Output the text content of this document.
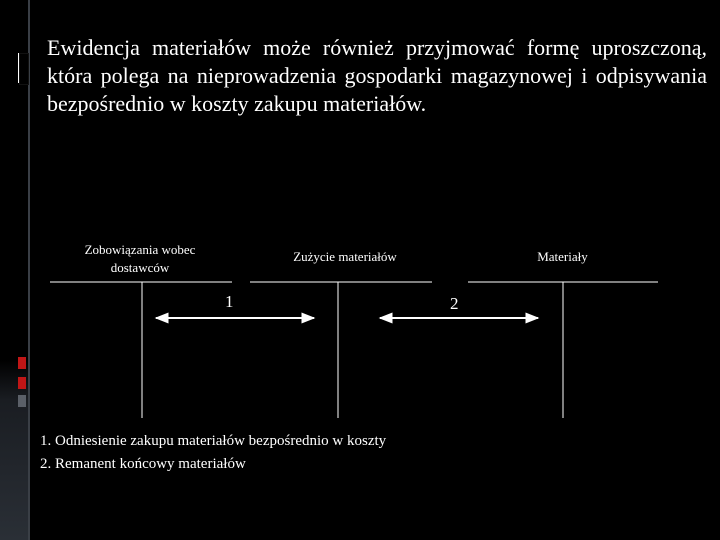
Ewidencja materiałów może również przyjmować formę uproszczoną, która polega na nieprowadzenia gospodarki magazynowej i odpisywania bezpośrednio w koszty zakupu materiałów.

Zobowiązania wobec dostawców
Zużycie materiałów	Materiały
1	2
1. Odniesienie zakupu materiałów bezpośrednio w koszty
2. Remanent końcowy materiałów
